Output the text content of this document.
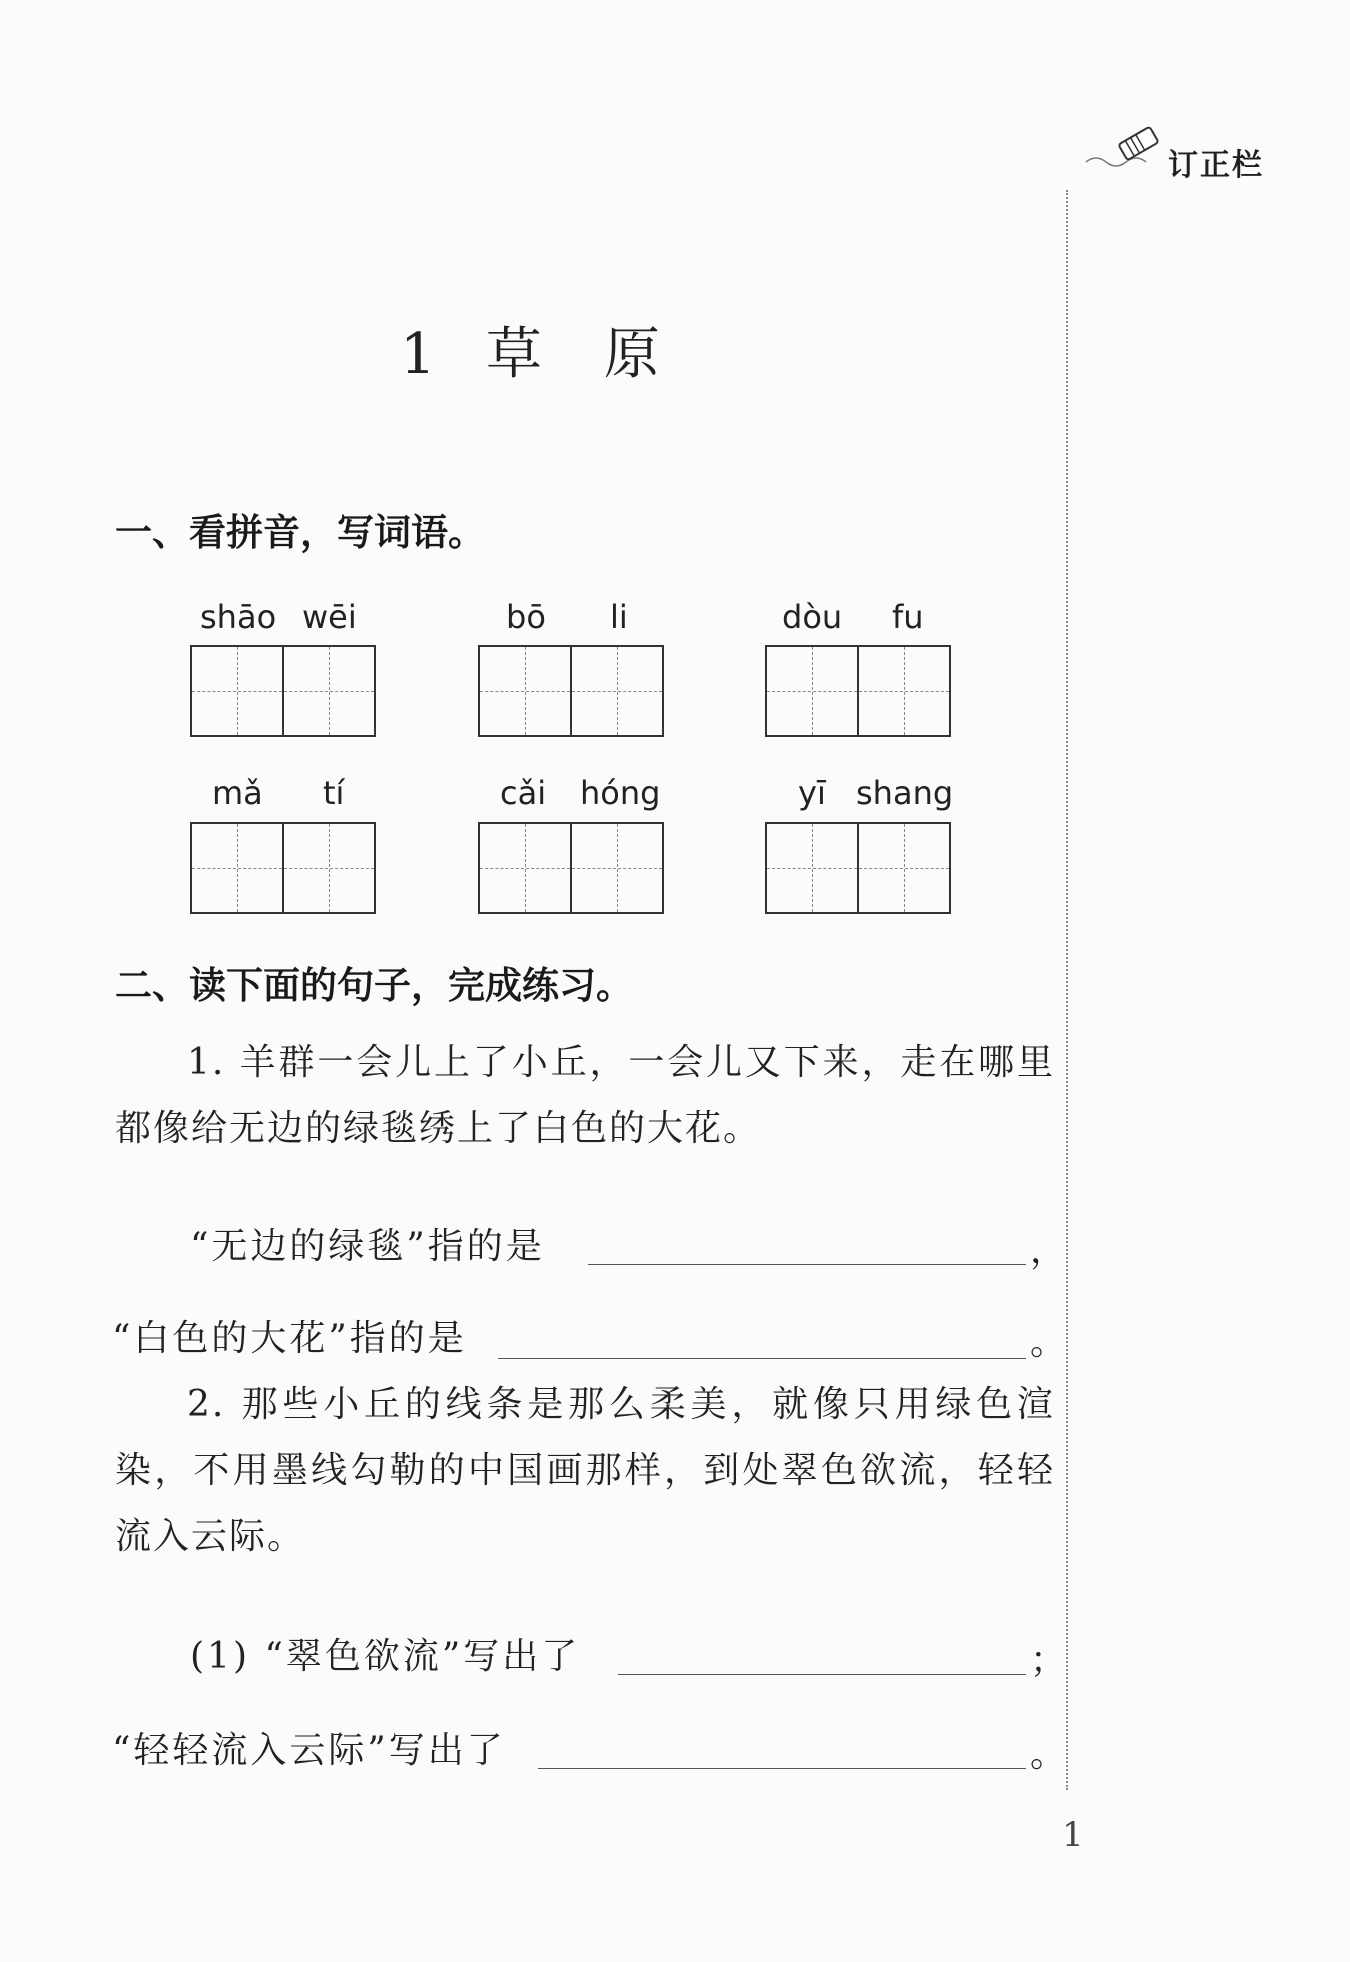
订正栏
1 草 原
一、看拼音，写词语。
shāo wēi	bō li	dòu fu
mǎ tí	cǎi hóng	yī shang
二、读下面的句子，完成练习。
1. 羊群一会儿上了小丘，一会儿又下来，走在哪里都像给无边的绿毯绣上了白色的大花。
“无边的绿毯”指的是	，
“白色的大花”指的是	。
2. 那些小丘的线条是那么柔美，就像只用绿色渲染，不用墨线勾勒的中国画那样，到处翠色欲流，轻轻流入云际。
(1) “翠色欲流”写出了	；
“轻轻流入云际”写出了	。
1
